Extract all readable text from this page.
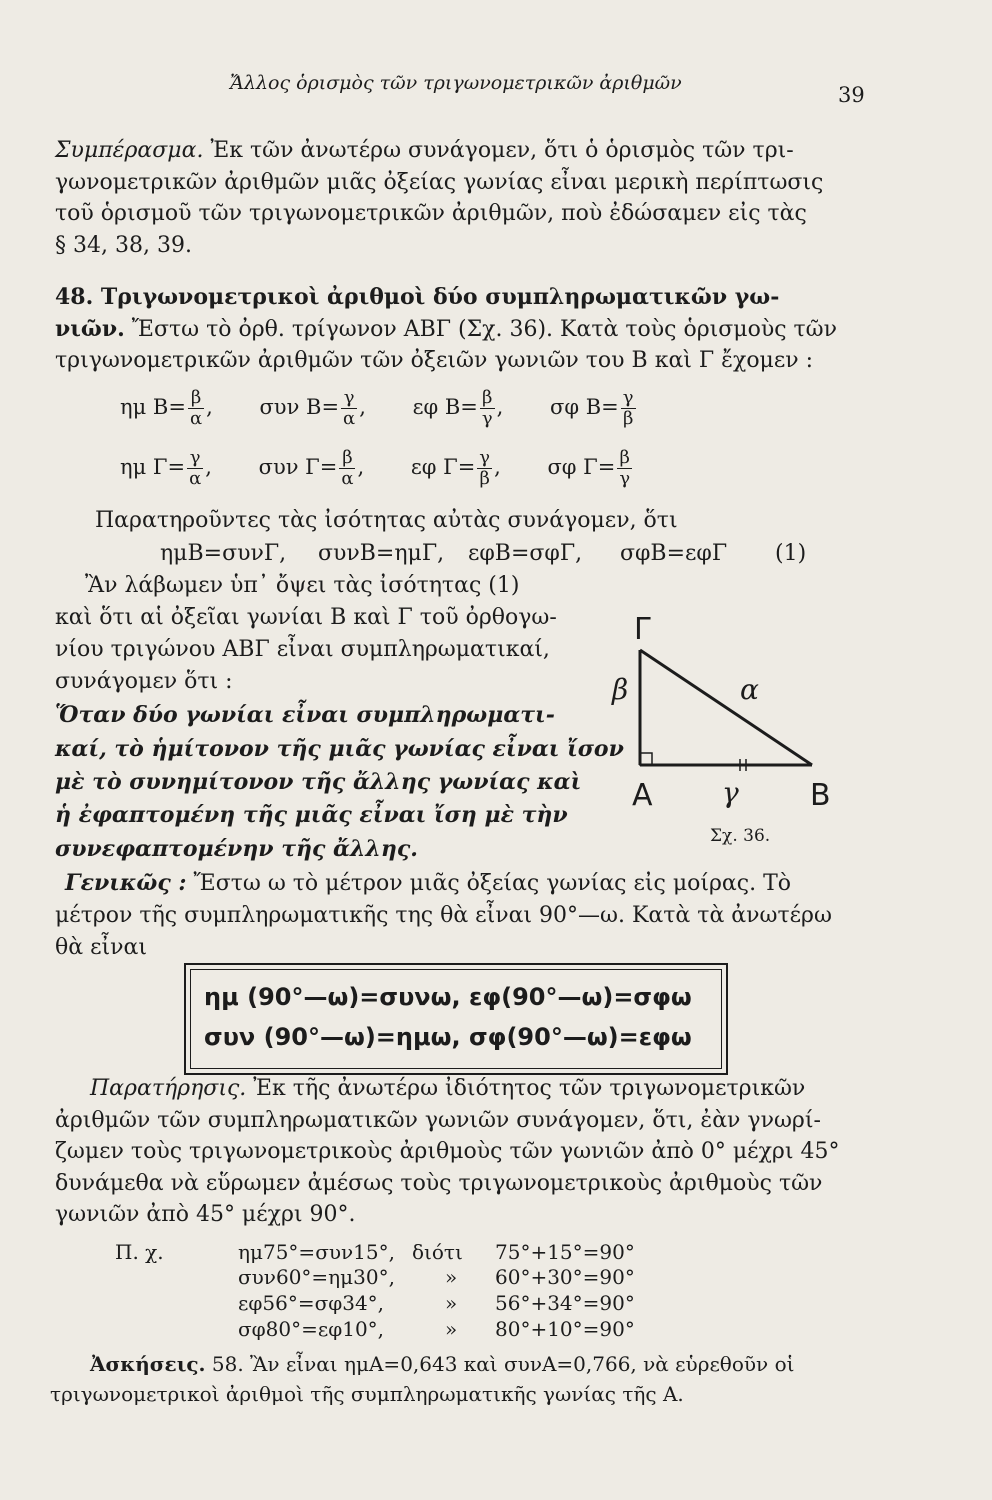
Ἄλλος ὁρισμὸς τῶν τριγωνομετρικῶν ἀριθμῶν	39
Συμπέρασμα. Ἐκ τῶν ἀνωτέρω συνάγομεν, ὅτι ὁ ὁρισμὸς τῶν τρι-
γωνομετρικῶν ἀριθμῶν μιᾶς ὀξείας γωνίας εἶναι μερικὴ περίπτωσις
τοῦ ὁρισμοῦ τῶν τριγωνομετρικῶν ἀριθμῶν, ποὺ ἐδώσαμεν εἰς τὰς
§ 34, 38, 39.
48. Τριγωνομετρικοὶ ἀριθμοὶ δύο συμπληρωματικῶν γω-
νιῶν. Ἔστω τὸ ὀρθ. τρίγωνον ΑΒΓ (Σχ. 36). Κατὰ τοὺς ὁρισμοὺς τῶν
τριγωνομετρικῶν ἀριθμῶν τῶν ὀξειῶν γωνιῶν του Β καὶ Γ ἔχομεν :
ημ $B= \frac{\beta}{\alpha}$ , συν $B= \frac{\gamma}{\alpha}$ , εφ $B= \frac{\beta}{\gamma}$ , σφ $B= \frac{\gamma}{\beta}$
ημ $\Gamma= \frac{\gamma}{\alpha}$ , συν $\Gamma= \frac{\beta}{\alpha}$ , εφ $\Gamma= \frac{\gamma}{\beta}$ , σφ $\Gamma= \frac{\beta}{\gamma}$
Παρατηροῦντες τὰς ἰσότητας αὐτὰς συνάγομεν, ὅτι
ημΒ=συνΓ, συνΒ=ημΓ, εφΒ=σφΓ, σφΒ=εφΓ (1)
Ἂν λάβωμεν ὑπ᾿ ὄψει τὰς ἰσότητας (1)
καὶ ὅτι αἱ ὀξεῖαι γωνίαι Β καὶ Γ τοῦ ὀρθογω-
νίου τριγώνου ΑΒΓ εἶναι συμπληρωματικαί,
συνάγομεν ὅτι :
Ὅταν δύο γωνίαι εἶναι συμπληρωματι-
καί, τὸ ἡμίτονον τῆς μιᾶς γωνίας εἶναι ἴσον
μὲ τὸ συνημίτονον τῆς ἄλλης γωνίας καὶ
ἡ ἐφαπτομένη τῆς μιᾶς εἶναι ἴση μὲ τὴν
συνεφαπτομένην τῆς ἄλλης.
Γ
β	α
Α γ Β
Σχ. 36.
Γενικῶς : Ἔστω ω τὸ μέτρον μιᾶς ὀξείας γωνίας εἰς μοίρας. Τὸ
μέτρον τῆς συμπληρωματικῆς της θὰ εἶναι 90°—ω. Κατὰ τὰ ἀνωτέρω
θὰ εἶναι
ημ (90°—ω)=συνω, εφ(90°—ω)=σφω
συν (90°—ω)=ημω, σφ(90°—ω)=εφω
Παρατήρησις. Ἐκ τῆς ἀνωτέρω ἰδιότητος τῶν τριγωνομετρικῶν
ἀριθμῶν τῶν συμπληρωματικῶν γωνιῶν συνάγομεν, ὅτι, ἐὰν γνωρί-
ζωμεν τοὺς τριγωνομετρικοὺς ἀριθμοὺς τῶν γωνιῶν ἀπὸ 0° μέχρι 45°
δυνάμεθα νὰ εὕρωμεν ἀμέσως τοὺς τριγωνομετρικοὺς ἀριθμοὺς τῶν
γωνιῶν ἀπὸ 45° μέχρι 90°.
Π. χ.	ημ75°=συν15°, διότι 75°+15°=90°
συν60°=ημ30°,	» 60°+30°=90°
εφ56°=σφ34°,	» 56°+34°=90°
σφ80°=εφ10°,	» 80°+10°=90°
Ἀσκήσεις. 58. Ἂν εἶναι ημΑ=0,643 καὶ συνΑ=0,766, νὰ εὑρεθοῦν οἱ
τριγωνομετρικοὶ ἀριθμοὶ τῆς συμπληρωματικῆς γωνίας τῆς Α.
